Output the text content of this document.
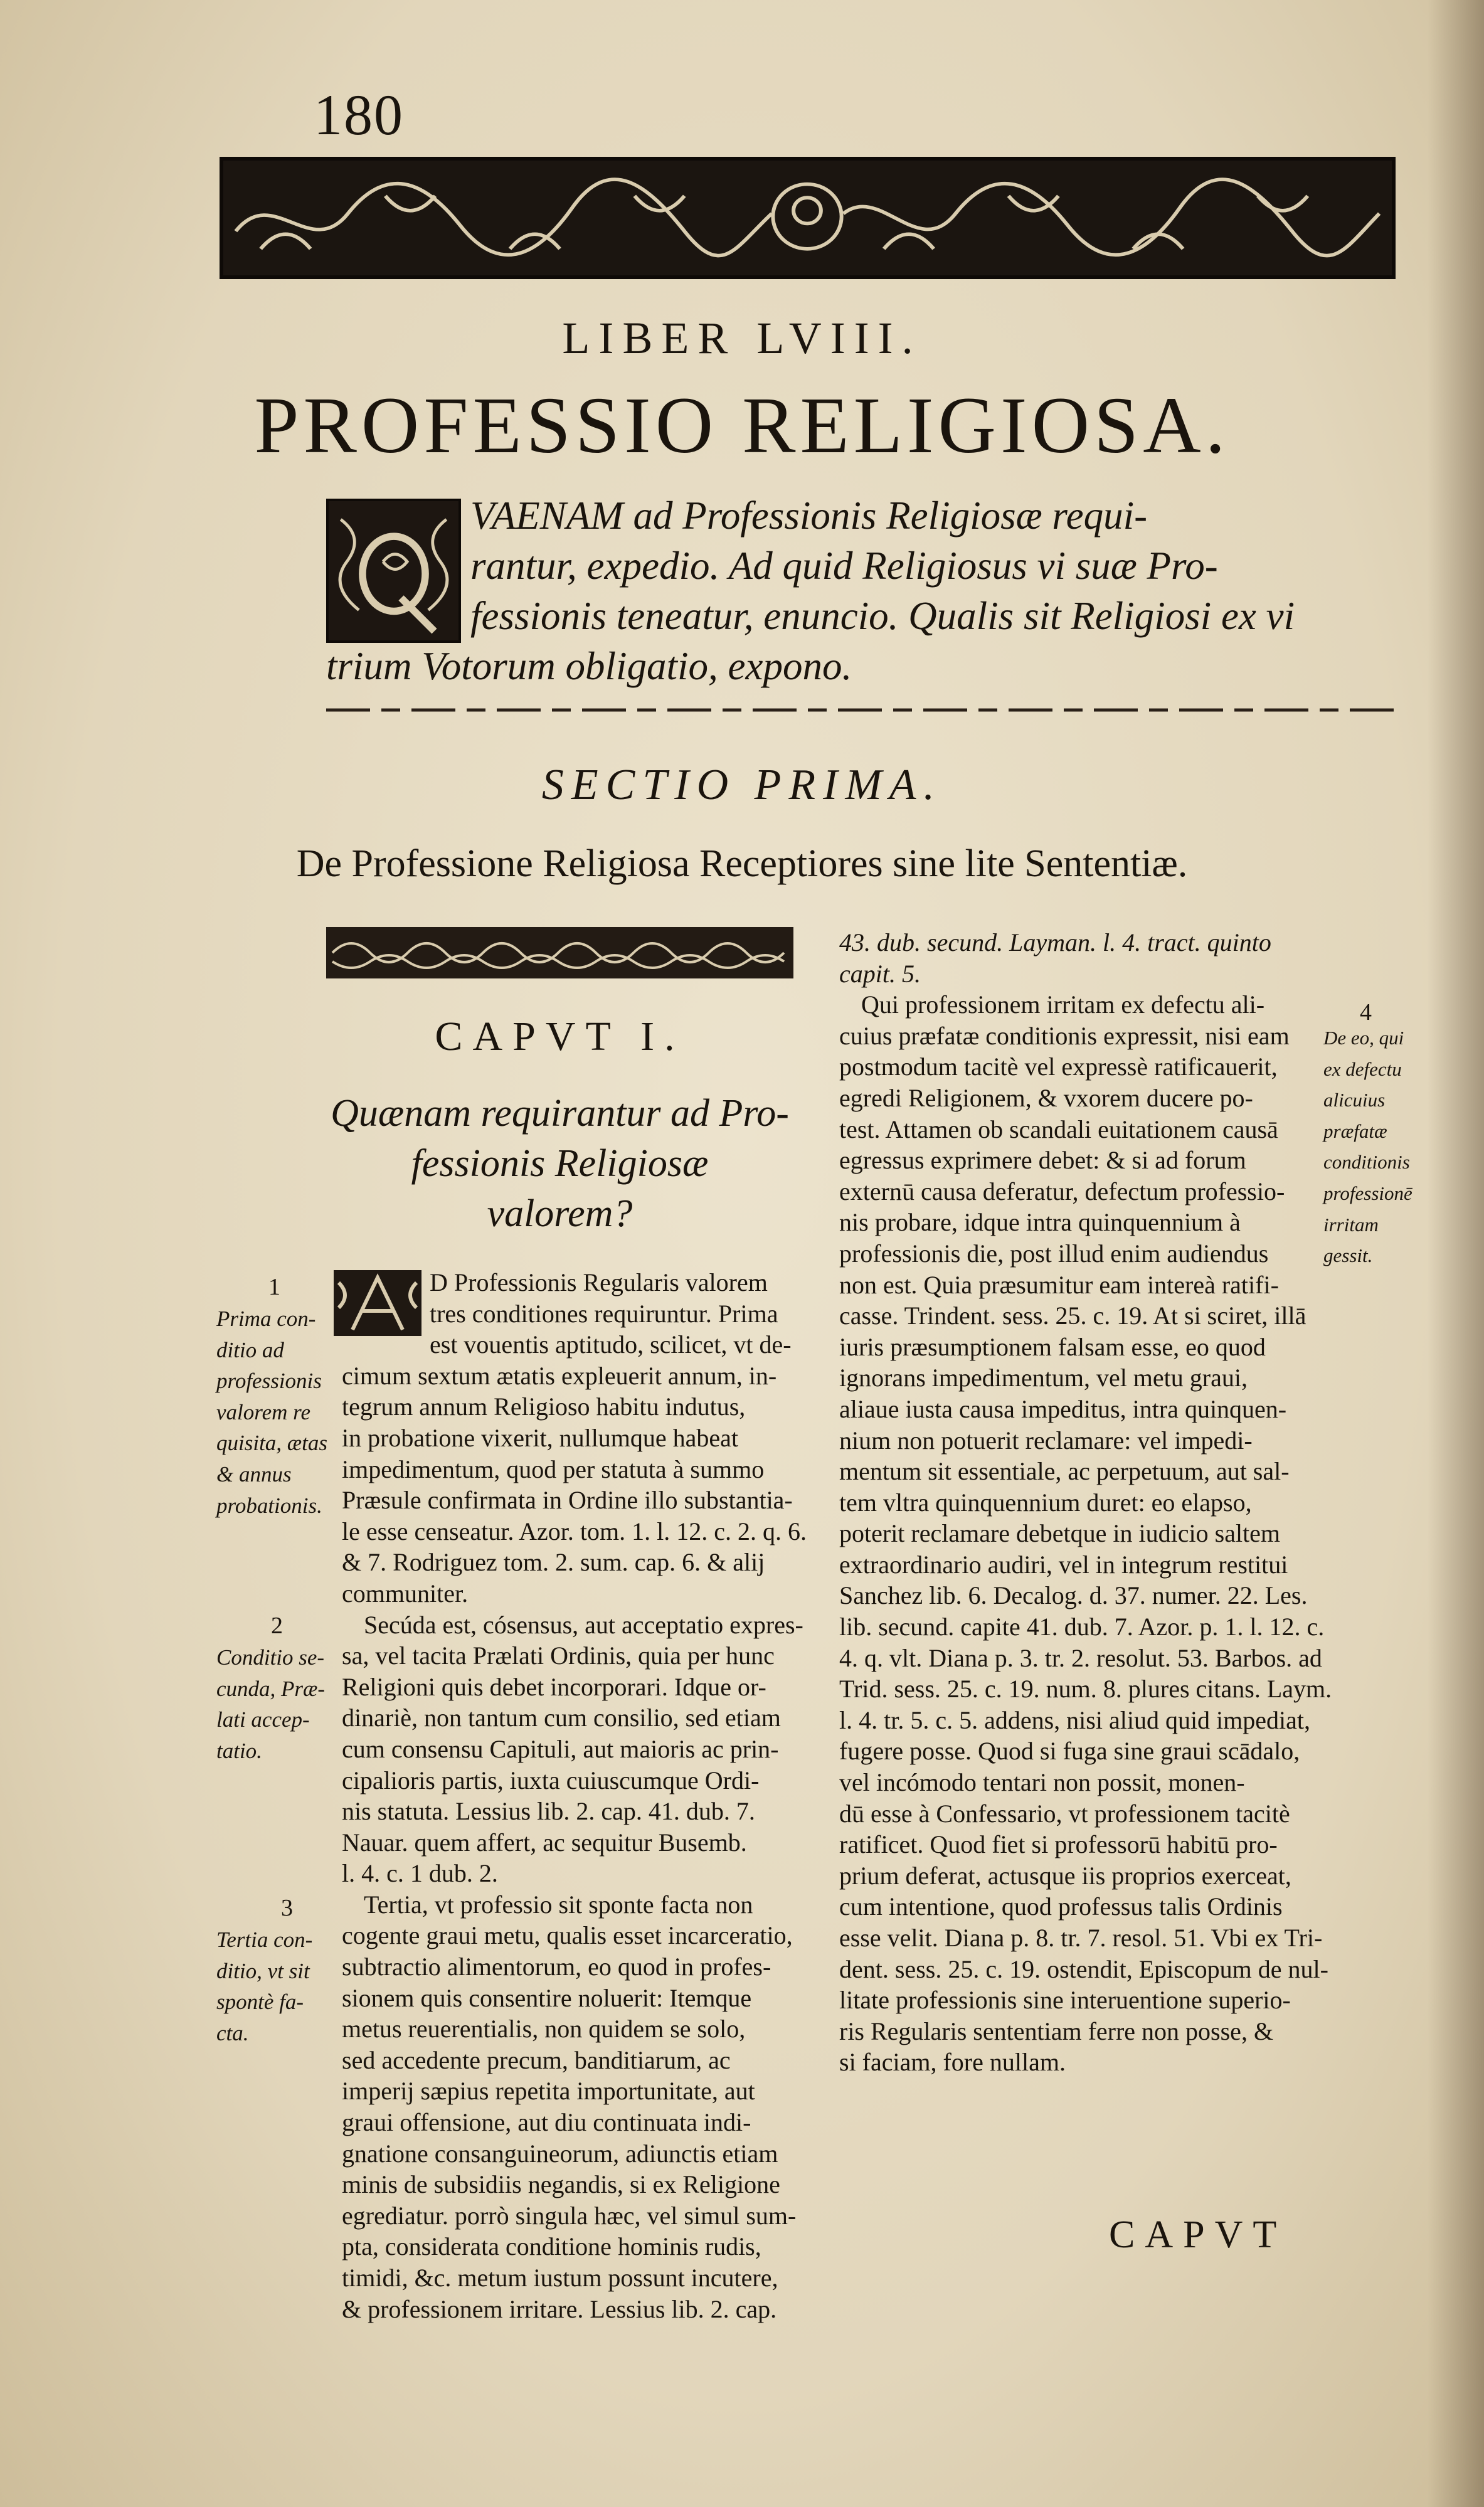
180
LIBER LVIII.
PROFESSIO RELIGIOSA.
VAENAM ad Professionis Religiosæ requi-
rantur, expedio. Ad quid Religiosus vi suæ Pro-
fessionis teneatur, enuncio. Qualis sit Religiosi ex vi
trium Votorum obligatio, expono.
SECTIO PRIMA.
De Professione Religiosa Receptiores sine lite Sententiæ.
CAPVT I.
Quænam requirantur ad Pro-
fessionis Religiosæ
valorem?
D Professionis Regularis valorem
tres conditiones requiruntur. Prima
est vouentis aptitudo, scilicet, vt de-
cimum sextum ætatis expleuerit annum, in-
tegrum annum Religioso habitu indutus,
in probatione vixerit, nullumque habeat
impedimentum, quod per statuta à summo
Præsule confirmata in Ordine illo substantia-
le esse censeatur. Azor. tom. 1. l. 12. c. 2. q. 6.
& 7. Rodriguez tom. 2. sum. cap. 6. & alij
communiter.
Secúda est, cósensus, aut acceptatio expres-
sa, vel tacita Prælati Ordinis, quia per hunc
Religioni quis debet incorporari. Idque or-
dinariè, non tantum cum consilio, sed etiam
cum consensu Capituli, aut maioris ac prin-
cipalioris partis, iuxta cuiuscumque Ordi-
nis statuta. Lessius lib. 2. cap. 41. dub. 7.
Nauar. quem affert, ac sequitur Busemb.
l. 4. c. 1 dub. 2.
Tertia, vt professio sit sponte facta non
cogente graui metu, qualis esset incarceratio,
subtractio alimentorum, eo quod in profes-
sionem quis consentire noluerit: Itemque
metus reuerentialis, non quidem se solo,
sed accedente precum, banditiarum, ac
imperij sæpius repetita importunitate, aut
graui offensione, aut diu continuata indi-
gnatione consanguineorum, adiunctis etiam
minis de subsidiis negandis, si ex Religione
egrediatur. porrò singula hæc, vel simul sum-
pta, considerata conditione hominis rudis,
timidi, &c. metum iustum possunt incutere,
& professionem irritare. Lessius lib. 2. cap.
1
Prima con-
ditio ad
professionis
valorem re
quisita, ætas
& annus
probationis.
2
Conditio se-
cunda, Præ-
lati accep-
tatio.
3
Tertia con-
ditio, vt sit
spontè fa-
cta.
43. dub. secund. Layman. l. 4. tract. quinto
capit. 5.
Qui professionem irritam ex defectu ali-
cuius præfatæ conditionis expressit, nisi eam
postmodum tacitè vel expressè ratificauerit,
egredi Religionem, & vxorem ducere po-
test. Attamen ob scandali euitationem causā
egressus exprimere debet: & si ad forum
externū causa deferatur, defectum professio-
nis probare, idque intra quinquennium à
professionis die, post illud enim audiendus
non est. Quia præsumitur eam intereà ratifi-
casse. Trindent. sess. 25. c. 19. At si sciret, illā
iuris præsumptionem falsam esse, eo quod
ignorans impedimentum, vel metu graui,
aliaue iusta causa impeditus, intra quinquen-
nium non potuerit reclamare: vel impedi-
mentum sit essentiale, ac perpetuum, aut sal-
tem vltra quinquennium duret: eo elapso,
poterit reclamare debetque in iudicio saltem
extraordinario audiri, vel in integrum restitui
Sanchez lib. 6. Decalog. d. 37. numer. 22. Les.
lib. secund. capite 41. dub. 7. Azor. p. 1. l. 12. c.
4. q. vlt. Diana p. 3. tr. 2. resolut. 53. Barbos. ad
Trid. sess. 25. c. 19. num. 8. plures citans. Laym.
l. 4. tr. 5. c. 5. addens, nisi aliud quid impediat,
fugere posse. Quod si fuga sine graui scādalo,
vel incómodo tentari non possit, monen-
dū esse à Confessario, vt professionem tacitè
ratificet. Quod fiet si professorū habitū pro-
prium deferat, actusque iis proprios exerceat,
cum intentione, quod professus talis Ordinis
esse velit. Diana p. 8. tr. 7. resol. 51. Vbi ex Tri-
dent. sess. 25. c. 19. ostendit, Episcopum de nul-
litate professionis sine interuentione superio-
ris Regularis sententiam ferre non posse, &
si faciam, fore nullam.
4
De eo, qui
ex defectu
alicuius
præfatæ
conditionis
professionē
irritam
gessit.
CAPVT
